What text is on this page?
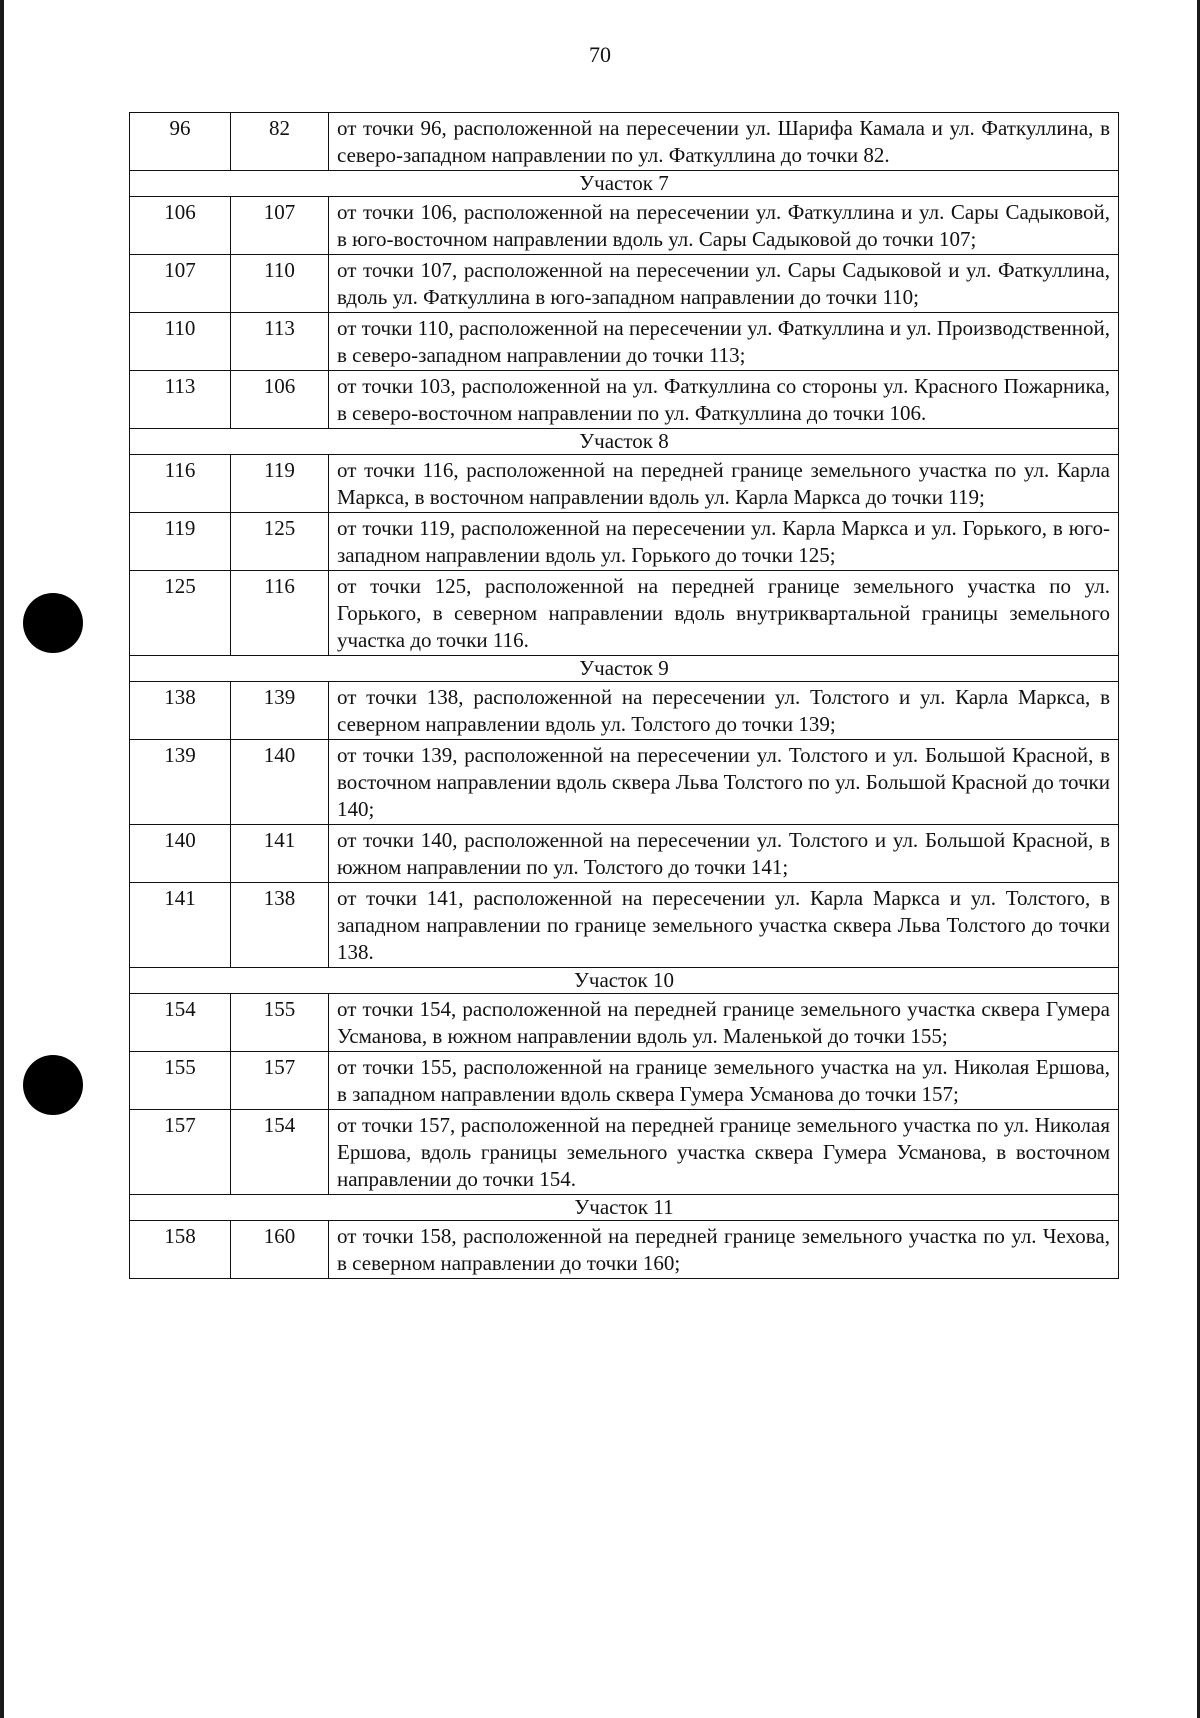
70
96	82	от точки 96, расположенной на пересечении ул. Шарифа Камала и ул. Фаткуллина, в северо-западном направлении по ул. Фаткуллина до точки 82.
Участок 7		
106	107	от точки 106, расположенной на пересечении ул. Фаткуллина и ул. Сары Садыковой, в юго-восточном направлении вдоль ул. Сары Садыковой до точки 107;
107	110	от точки 107, расположенной на пересечении ул. Сары Садыковой и ул. Фаткуллина, вдоль ул. Фаткуллина в юго-западном направлении до точки 110;
110	113	от точки 110, расположенной на пересечении ул. Фаткуллина и ул. Производственной, в северо-западном направлении до точки 113;
113	106	от точки 103, расположенной на ул. Фаткуллина со стороны ул. Красного Пожарника, в северо-восточном направлении по ул. Фаткуллина до точки 106.
Участок 8		
116	119	от точки 116, расположенной на передней границе земельного участка по ул. Карла Маркса, в восточном направлении вдоль ул. Карла Маркса до точки 119;
119	125	от точки 119, расположенной на пересечении ул. Карла Маркса и ул. Горького, в юго-западном направлении вдоль ул. Горького до точки 125;
125	116	от точки 125, расположенной на передней границе земельного участка по ул. Горького, в северном направлении вдоль внутриквартальной границы земельного участка до точки 116.
Участок 9		
138	139	от точки 138, расположенной на пересечении ул. Толстого и ул. Карла Маркса, в северном направлении вдоль ул. Толстого до точки 139;
139	140	от точки 139, расположенной на пересечении ул. Толстого и ул. Большой Красной, в восточном направлении вдоль сквера Льва Толстого по ул. Большой Красной до точки 140;
140	141	от точки 140, расположенной на пересечении ул. Толстого и ул. Большой Красной, в южном направлении по ул. Толстого до точки 141;
141	138	от точки 141, расположенной на пересечении ул. Карла Маркса и ул. Толстого, в западном направлении по границе земельного участка сквера Льва Толстого до точки 138.
Участок 10		
154	155	от точки 154, расположенной на передней границе земельного участка сквера Гумера Усманова, в южном направлении вдоль ул. Маленькой до точки 155;
155	157	от точки 155, расположенной на границе земельного участка на ул. Николая Ершова, в западном направлении вдоль сквера Гумера Усманова до точки 157;
157	154	от точки 157, расположенной на передней границе земельного участка по ул. Николая Ершова, вдоль границы земельного участка сквера Гумера Усманова, в восточном направлении до точки 154.
Участок 11		
158	160	от точки 158, расположенной на передней границе земельного участка по ул. Чехова, в северном направлении до точки 160;
